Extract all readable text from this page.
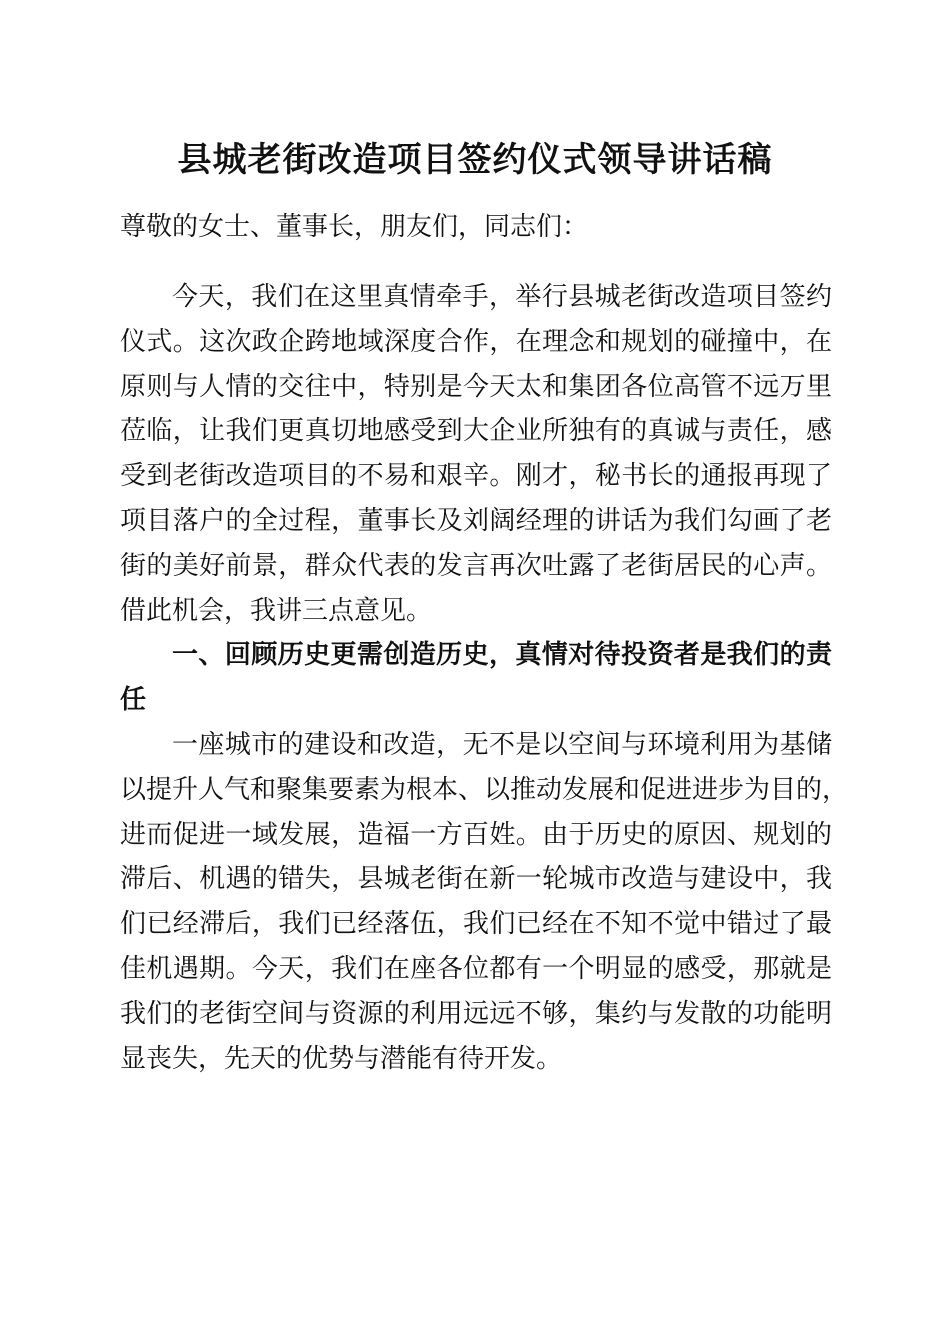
县城老街改造项目签约仪式领导讲话稿
尊敬的女士、董事长，朋友们，同志们：
今天，我们在这里真情牵手，举行县城老街改造项目签约
仪式。这次政企跨地域深度合作，在理念和规划的碰撞中，在
原则与人情的交往中，特别是今天太和集团各位高管不远万里
莅临，让我们更真切地感受到大企业所独有的真诚与责任，感
受到老街改造项目的不易和艰辛。刚才，秘书长的通报再现了
项目落户的全过程，董事长及刘阔经理的讲话为我们勾画了老
街的美好前景，群众代表的发言再次吐露了老街居民的心声。
借此机会，我讲三点意见。
一、回顾历史更需创造历史，真情对待投资者是我们的责
任
一座城市的建设和改造，无不是以空间与环境利用为基储
以提升人气和聚集要素为根本、以推动发展和促进进步为目的，
进而促进一域发展，造福一方百姓。由于历史的原因、规划的
滞后、机遇的错失，县城老街在新一轮城市改造与建设中，我
们已经滞后，我们已经落伍，我们已经在不知不觉中错过了最
佳机遇期。今天，我们在座各位都有一个明显的感受，那就是
我们的老街空间与资源的利用远远不够，集约与发散的功能明
显丧失，先天的优势与潜能有待开发。
